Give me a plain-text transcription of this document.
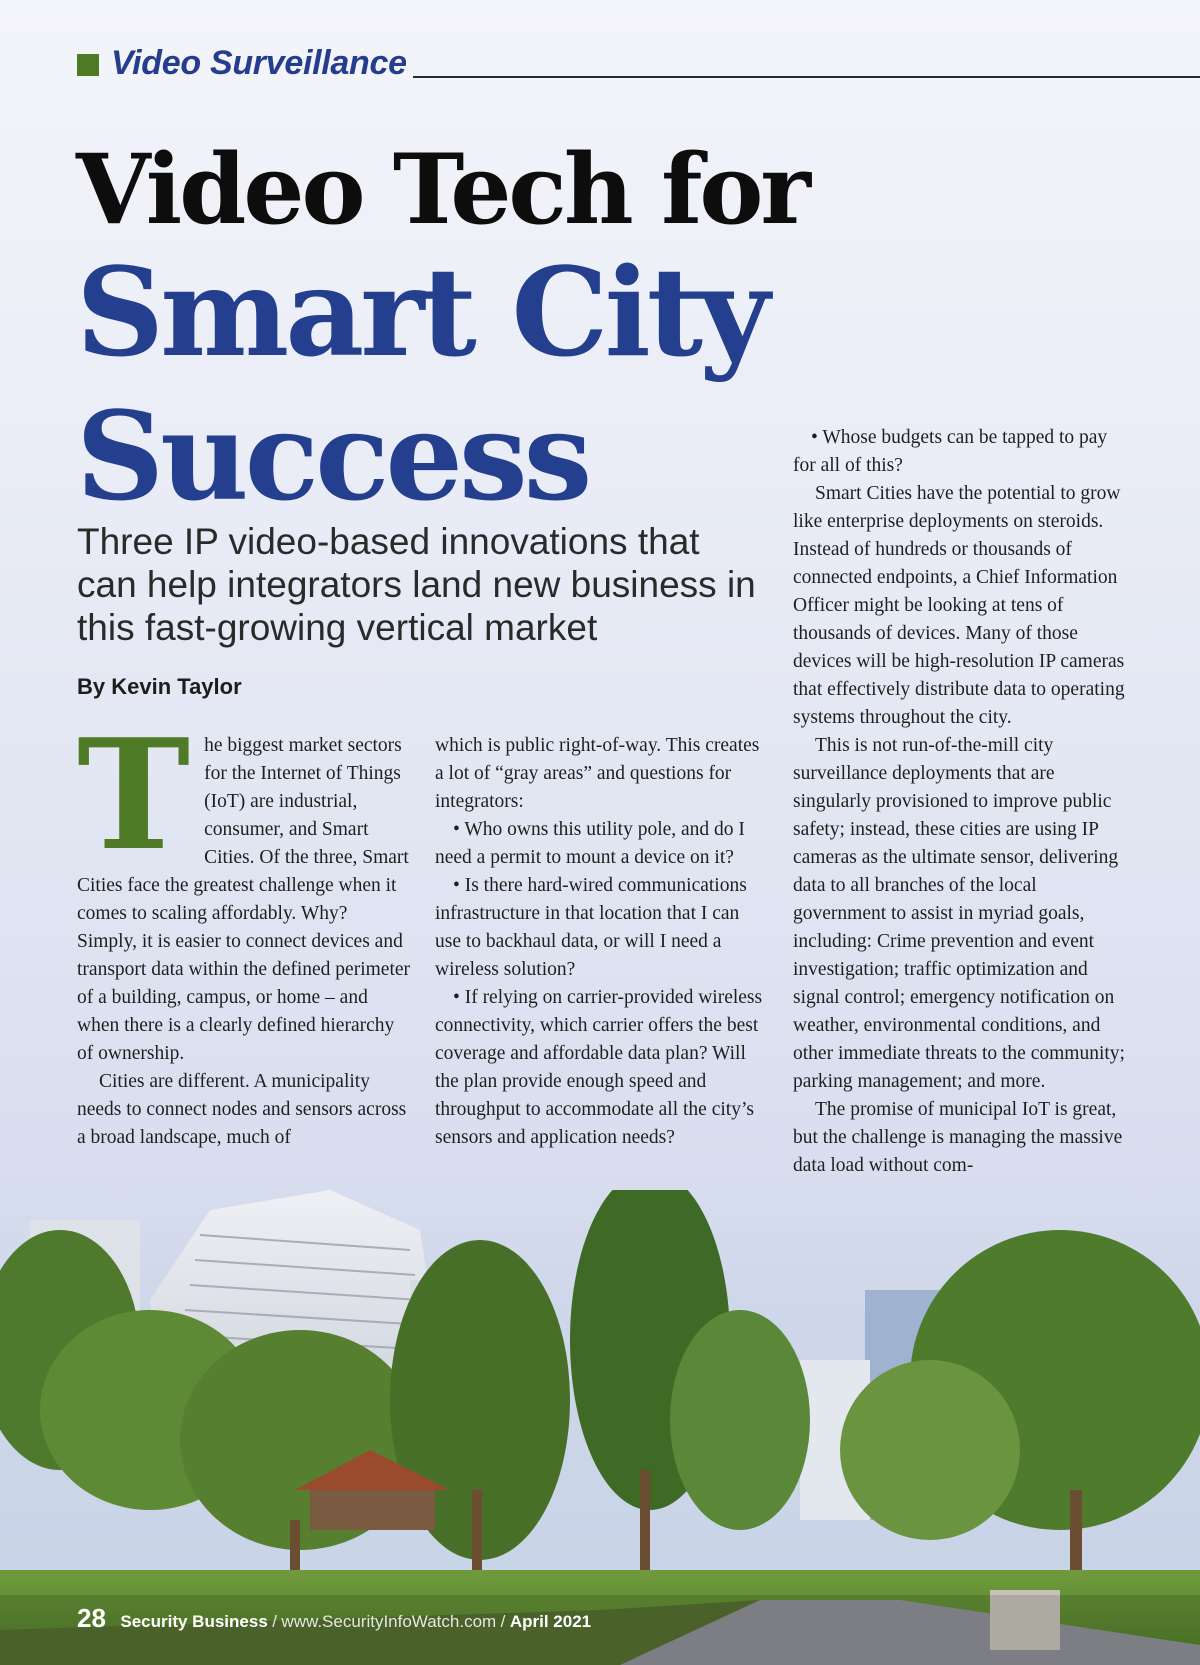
Video Surveillance
Video Tech for
Smart City
Success
Three IP video-based innovations that can help integrators land new business in this fast-growing vertical market
By Kevin Taylor
T he biggest market sectors for the Internet of Things (IoT) are industrial, consumer, and Smart Cities. Of the three, Smart Cities face the greatest challenge when it comes to scaling affordably. Why? Simply, it is easier to connect devices and transport data within the defined perimeter of a building, campus, or home – and when there is a clearly defined hierarchy of ownership.

Cities are different. A municipality needs to connect nodes and sensors across a broad landscape, much of

which is public right-of-way. This creates a lot of “gray areas” and questions for integrators:

• Who owns this utility pole, and do I need a permit to mount a device on it?

• Is there hard-wired communications infrastructure in that location that I can use to backhaul data, or will I need a wireless solution?

• If relying on carrier-provided wireless connectivity, which carrier offers the best coverage and affordable data plan? Will the plan provide enough speed and throughput to accommodate all the city’s sensors and application needs?

• Whose budgets can be tapped to pay for all of this?

Smart Cities have the potential to grow like enterprise deployments on steroids. Instead of hundreds or thousands of connected endpoints, a Chief Information Officer might be looking at tens of thousands of devices. Many of those devices will be high-resolution IP cameras that effectively distribute data to operating systems throughout the city.

This is not run-of-the-mill city surveillance deployments that are singularly provisioned to improve public safety; instead, these cities are using IP cameras as the ultimate sensor, delivering data to all branches of the local government to assist in myriad goals, including: Crime prevention and event investigation; traffic optimization and signal control; emergency notification on weather, environmental conditions, and other immediate threats to the community; parking management; and more.

The promise of municipal IoT is great, but the challenge is managing the massive data load without com-

28 Security Business / www.SecurityInfoWatch.com / April 2021
